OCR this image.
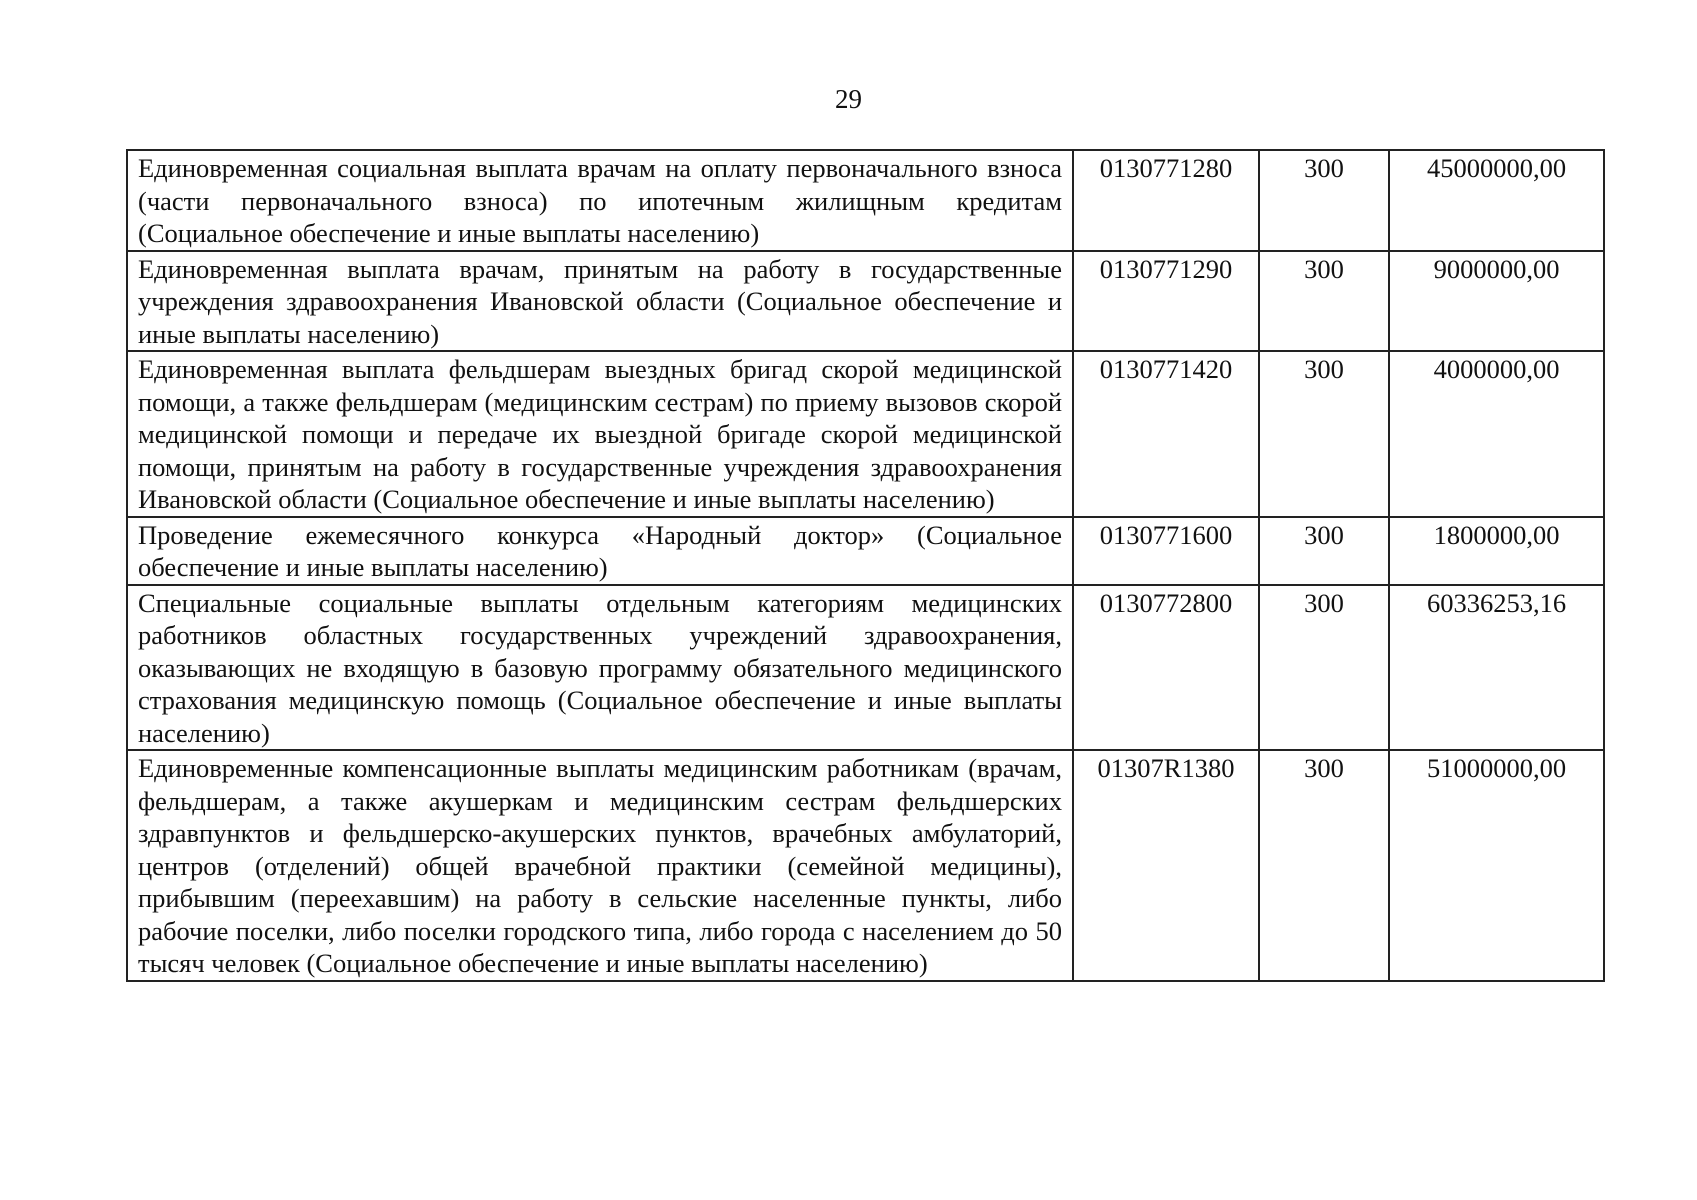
29
Единовременная социальная выплата врачам на оплату первоначального взноса (части первоначального взноса) по ипотечным жилищным кредитам (Социальное обеспечение и иные выплаты населению)	0130771280	300	45000000,00
Единовременная выплата врачам, принятым на работу в государственные учреждения здравоохранения Ивановской области (Социальное обеспечение и иные выплаты населению)	0130771290	300	9000000,00
Единовременная выплата фельдшерам выездных бригад скорой медицинской помощи, а также фельдшерам (медицинским сестрам) по приему вызовов скорой медицинской помощи и передаче их выездной бригаде скорой медицинской помощи, принятым на работу в государственные учреждения здравоохранения Ивановской области (Социальное обеспечение и иные выплаты населению)	0130771420	300	4000000,00
Проведение ежемесячного конкурса «Народный доктор» (Социальное обеспечение и иные выплаты населению)	0130771600	300	1800000,00
Специальные социальные выплаты отдельным категориям медицинских работников областных государственных учреждений здравоохранения, оказывающих не входящую в базовую программу обязательного медицинского страхования медицинскую помощь (Социальное обеспечение и иные выплаты населению)	0130772800	300	60336253,16
Единовременные компенсационные выплаты медицинским работникам (врачам, фельдшерам, а также акушеркам и медицинским сестрам фельдшерских здравпунктов и фельдшерско-акушерских пунктов, врачебных амбулаторий, центров (отделений) общей врачебной практики (семейной медицины), прибывшим (переехавшим) на работу в сельские населенные пункты, либо рабочие поселки, либо поселки городского типа, либо города с населением до 50 тысяч человек (Социальное обеспечение и иные выплаты населению)	01307R1380	300	51000000,00
